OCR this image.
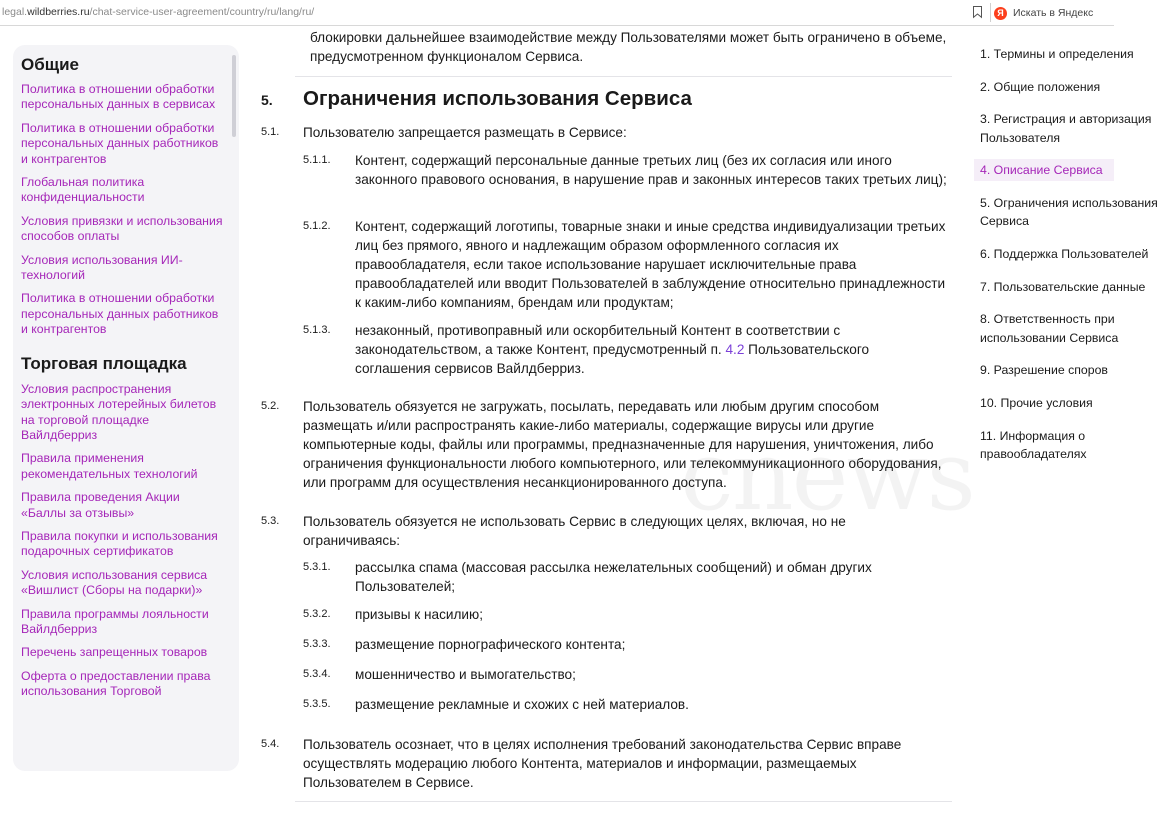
legal.wildberries.ru/chat-service-user-agreement/country/ru/lang/ru/	Я Искать в Яндекс
Общие
Политика в отношении обработки персональных данных в сервисах
Политика в отношении обработки персональных данных работников и контрагентов
Глобальная политика конфиденциальности
Условия привязки и использования способов оплаты
Условия использования ИИ-технологий
Политика в отношении обработки персональных данных работников и контрагентов
Торговая площадка
Условия распространения электронных лотерейных билетов на торговой площадке Вайлдберриз
Правила применения рекомендательных технологий
Правила проведения Акции «Баллы за отзывы»
Правила покупки и использования подарочных сертификатов
Условия использования сервиса «Вишлист (Сборы на подарки)»
Правила программы лояльности Вайлдберриз
Перечень запрещенных товаров
Оферта о предоставлении права использования Торговой
блокировки дальнейшее взаимодействие между Пользователями может быть ограничено в объеме, предусмотренном функционалом Сервиса.
5. Ограничения использования Сервиса
5.1. Пользователю запрещается размещать в Сервисе:
5.1.1. Контент, содержащий персональные данные третьих лиц (без их согласия или иного законного правового основания, в нарушение прав и законных интересов таких третьих лиц);
5.1.2. Контент, содержащий логотипы, товарные знаки и иные средства индивидуализации третьих лиц без прямого, явного и надлежащим образом оформленного согласия их правообладателя, если такое использование нарушает исключительные права правообладателей или вводит Пользователей в заблуждение относительно принадлежности к каким-либо компаниям, брендам или продуктам;
5.1.3. незаконный, противоправный или оскорбительный Контент в соответствии с законодательством, а также Контент, предусмотренный п. 4.2 Пользовательского соглашения сервисов Вайлдберриз.
5.2. Пользователь обязуется не загружать, посылать, передавать или любым другим способом размещать и/или распространять какие-либо материалы, содержащие вирусы или другие компьютерные коды, файлы или программы, предназначенные для нарушения, уничтожения, либо ограничения функциональности любого компьютерного, или телекоммуникационного оборудования, или программ для осуществления несанкционированного доступа.
5.3. Пользователь обязуется не использовать Сервис в следующих целях, включая, но не ограничиваясь:
5.3.1. рассылка спама (массовая рассылка нежелательных сообщений) и обман других Пользователей;
5.3.2. призывы к насилию;
5.3.3. размещение порнографического контента;
5.3.4. мошенничество и вымогательство;
5.3.5. размещение рекламные и схожих с ней материалов.
5.4. Пользователь осознает, что в целях исполнения требований законодательства Сервис вправе осуществлять модерацию любого Контента, материалов и информации, размещаемых Пользователем в Сервисе.
1. Термины и определения
2. Общие положения
3. Регистрация и авторизация
Пользователя
4. Описание Сервиса
5. Ограничения использования
Сервиса
6. Поддержка Пользователей
7. Пользовательские данные
8. Ответственность при
использовании Сервиса
9. Разрешение споров
10. Прочие условия
11. Информация о
правообладателях
